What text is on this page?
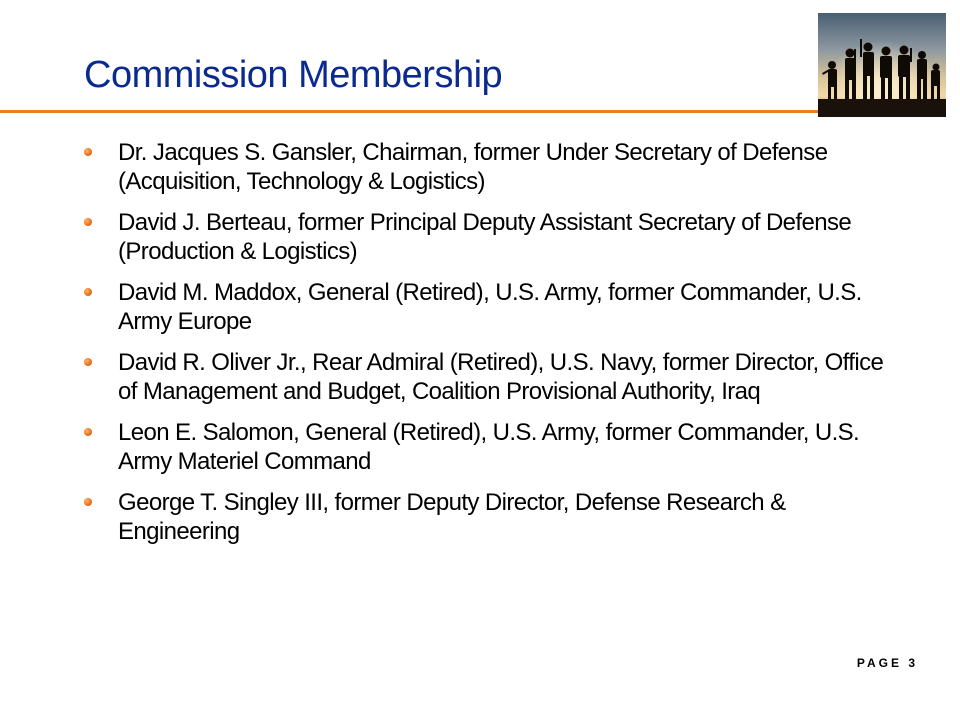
Commission Membership
Dr. Jacques S. Gansler, Chairman, former Under Secretary of Defense (Acquisition, Technology & Logistics)
David J. Berteau, former Principal Deputy Assistant Secretary of Defense (Production & Logistics)
David M. Maddox, General (Retired), U.S. Army, former Commander, U.S. Army Europe
David R. Oliver Jr., Rear Admiral (Retired), U.S. Navy, former Director, Office of Management and Budget, Coalition Provisional Authority, Iraq
Leon E. Salomon, General (Retired), U.S. Army, former Commander, U.S. Army Materiel Command
George T. Singley III, former Deputy Director, Defense Research & Engineering
PAGE 3
